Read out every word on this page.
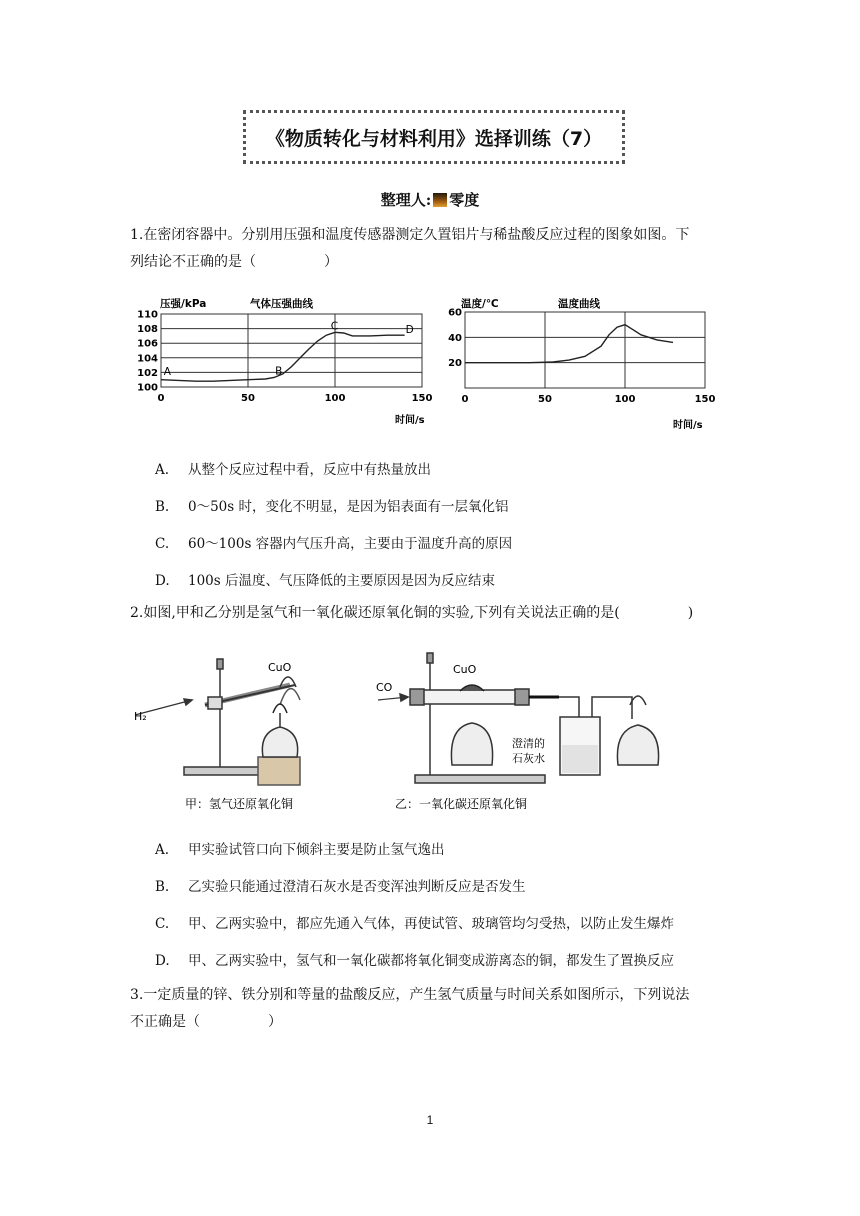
《物质转化与材料利用》选择训练（7）
整理人: 零度
1.在密闭容器中。分别用压强和温度传感器测定久置铝片与稀盐酸反应过程的图象如图。下
列结论不正确的是（	）
压强/kPa	气体压强曲线
时间/s
0	50	100	150
100
102
104
106
108
110
A	B
C	D
温度/℃	温度曲线
时间/s
0	50	100	150
20
40
60
A. 从整个反应过程中看，反应中有热量放出
B. 0～50s 时，变化不明显，是因为铝表面有一层氧化铝
C. 60～100s 容器内气压升高，主要由于温度升高的原因
D. 100s 后温度、气压降低的主要原因是因为反应结束
2.如图,甲和乙分别是氢气和一氧化碳还原氧化铜的实验,下列有关说法正确的是(	)
H₂
CuO
甲：氢气还原氧化铜
CO
CuO
澄清的
石灰水
乙：一氧化碳还原氧化铜
A. 甲实验试管口向下倾斜主要是防止氢气逸出
B. 乙实验只能通过澄清石灰水是否变浑浊判断反应是否发生
C. 甲、乙两实验中，都应先通入气体，再使试管、玻璃管均匀受热，以防止发生爆炸
D. 甲、乙两实验中，氢气和一氧化碳都将氧化铜变成游离态的铜，都发生了置换反应
3.一定质量的锌、铁分别和等量的盐酸反应，产生氢气质量与时间关系如图所示，下列说法
不正确是（	）
1
